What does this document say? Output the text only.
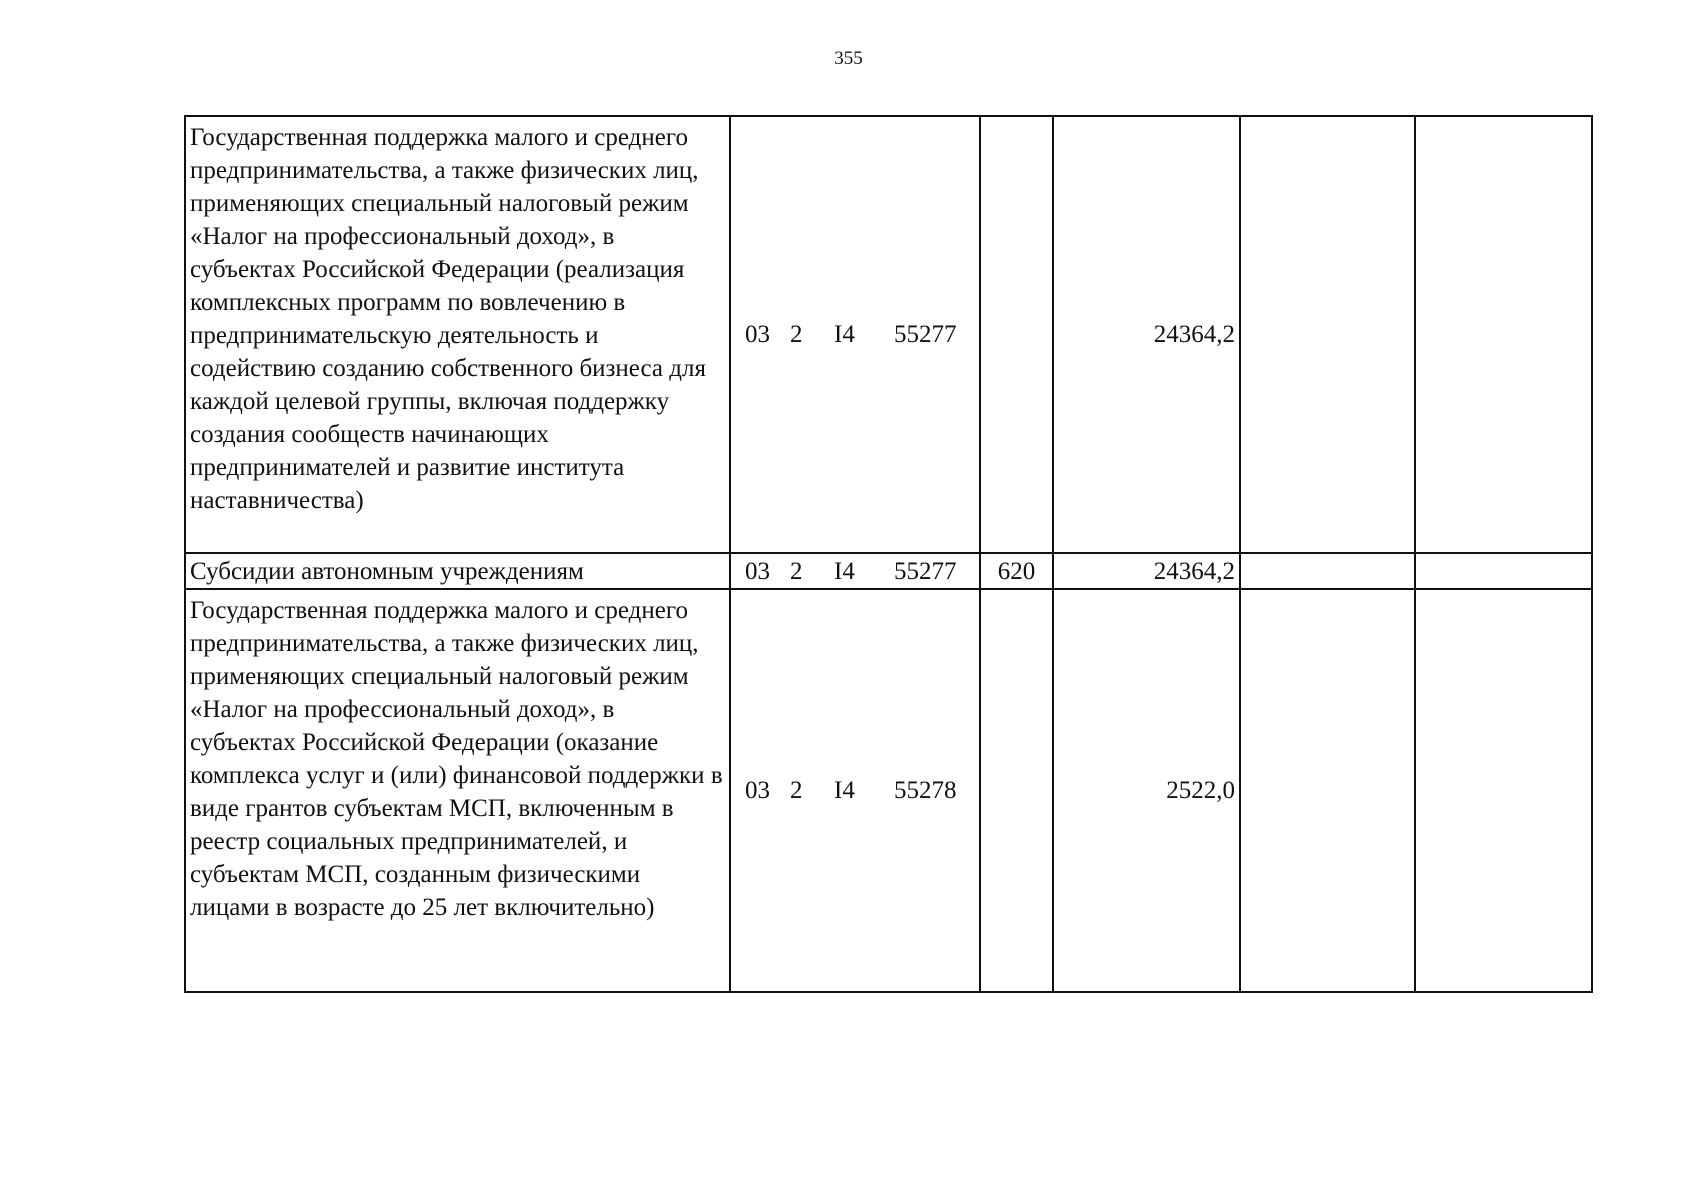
355
Государственная поддержка малого и среднего предпринимательства, а также физических лиц, применяющих специальный налоговый режим «Налог на профессиональный доход», в субъектах Российской Федерации (реализация комплексных программ по вовлечению в предпринимательскую деятельность и содействию созданию собственного бизнеса для каждой целевой группы, включая поддержку создания сообществ начинающих предпринимателей и развитие института наставничества)	03 2 I4 55277		24364,2		
Субсидии автономным учреждениям	03 2 I4 55277	620	24364,2		
Государственная поддержка малого и среднего предпринимательства, а также физических лиц, применяющих специальный налоговый режим «Налог на профессиональный доход», в субъектах Российской Федерации (оказание комплекса услуг и (или) финансовой поддержки в виде грантов субъектам МСП, включенным в реестр социальных предпринимателей, и субъектам МСП, созданным физическими лицами в возрасте до 25 лет включительно)	03 2 I4 55278		2522,0		
